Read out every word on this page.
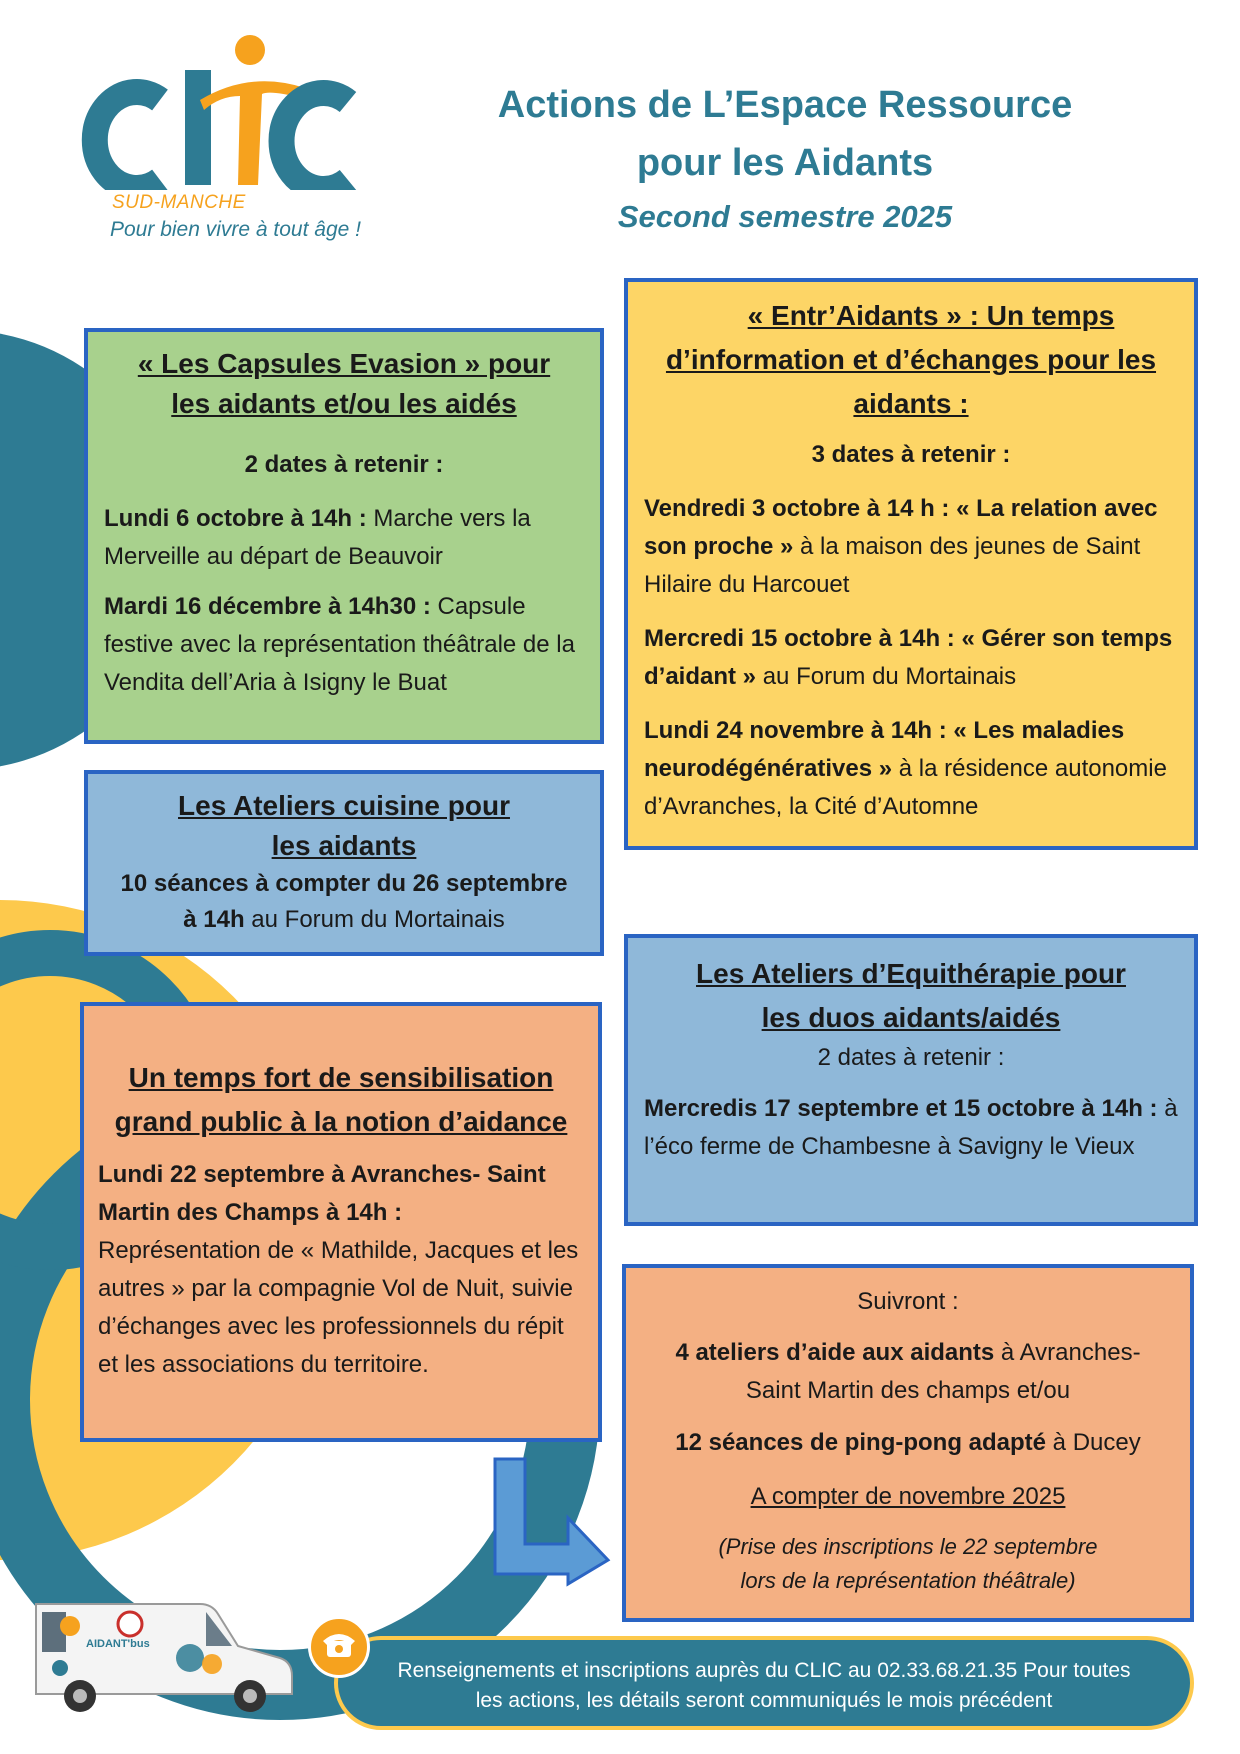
SUD-MANCHE
Pour bien vivre à tout âge !
Actions de L’Espace Ressource
pour les Aidants
Second semestre 2025

« Les Capsules Evasion » pour

les aidants et/ou les aidés

2 dates à retenir :

Lundi 6 octobre à 14h : Marche vers la Merveille au départ de Beauvoir

Mardi 16 décembre à 14h30 : Capsule festive avec la représentation théâtrale de la Vendita dell’Aria à Isigny le Buat

Les Ateliers cuisine pour

les aidants

10 séances à compter du 26 septembre

à 14h au Forum du Mortainais

Un temps fort de sensibilisation

grand public à la notion d’aidance

Lundi 22 septembre à Avranches- Saint Martin des Champs à 14h :

Représentation de « Mathilde, Jacques et les autres » par la compagnie Vol de Nuit, suivie d’échanges avec les professionnels du répit et les associations du territoire.

« Entr’Aidants » : Un temps

d’information et d’échanges pour les

aidants :

3 dates à retenir :

Vendredi 3 octobre à 14 h : « La relation avec son proche » à la maison des jeunes de Saint Hilaire du Harcouet

Mercredi 15 octobre à 14h : « Gérer son temps d’aidant » au Forum du Mortainais

Lundi 24 novembre à 14h : « Les maladies neurodégénératives » à la résidence autonomie d’Avranches, la Cité d’Automne

Les Ateliers d’Equithérapie pour

les duos aidants/aidés

2 dates à retenir :

Mercredis 17 septembre et 15 octobre à 14h : à l’éco ferme de Chambesne à Savigny le Vieux

Suivront :

4 ateliers d’aide aux aidants à Avranches-Saint Martin des champs et/ou

12 séances de ping-pong adapté à Ducey

A compter de novembre 2025

(Prise des inscriptions le 22 septembre

lors de la représentation théâtrale)

AIDANT'bus
Renseignements et inscriptions auprès du CLIC au 02.33.68.21.35 Pour toutes
les actions, les détails seront communiqués le mois précédent
